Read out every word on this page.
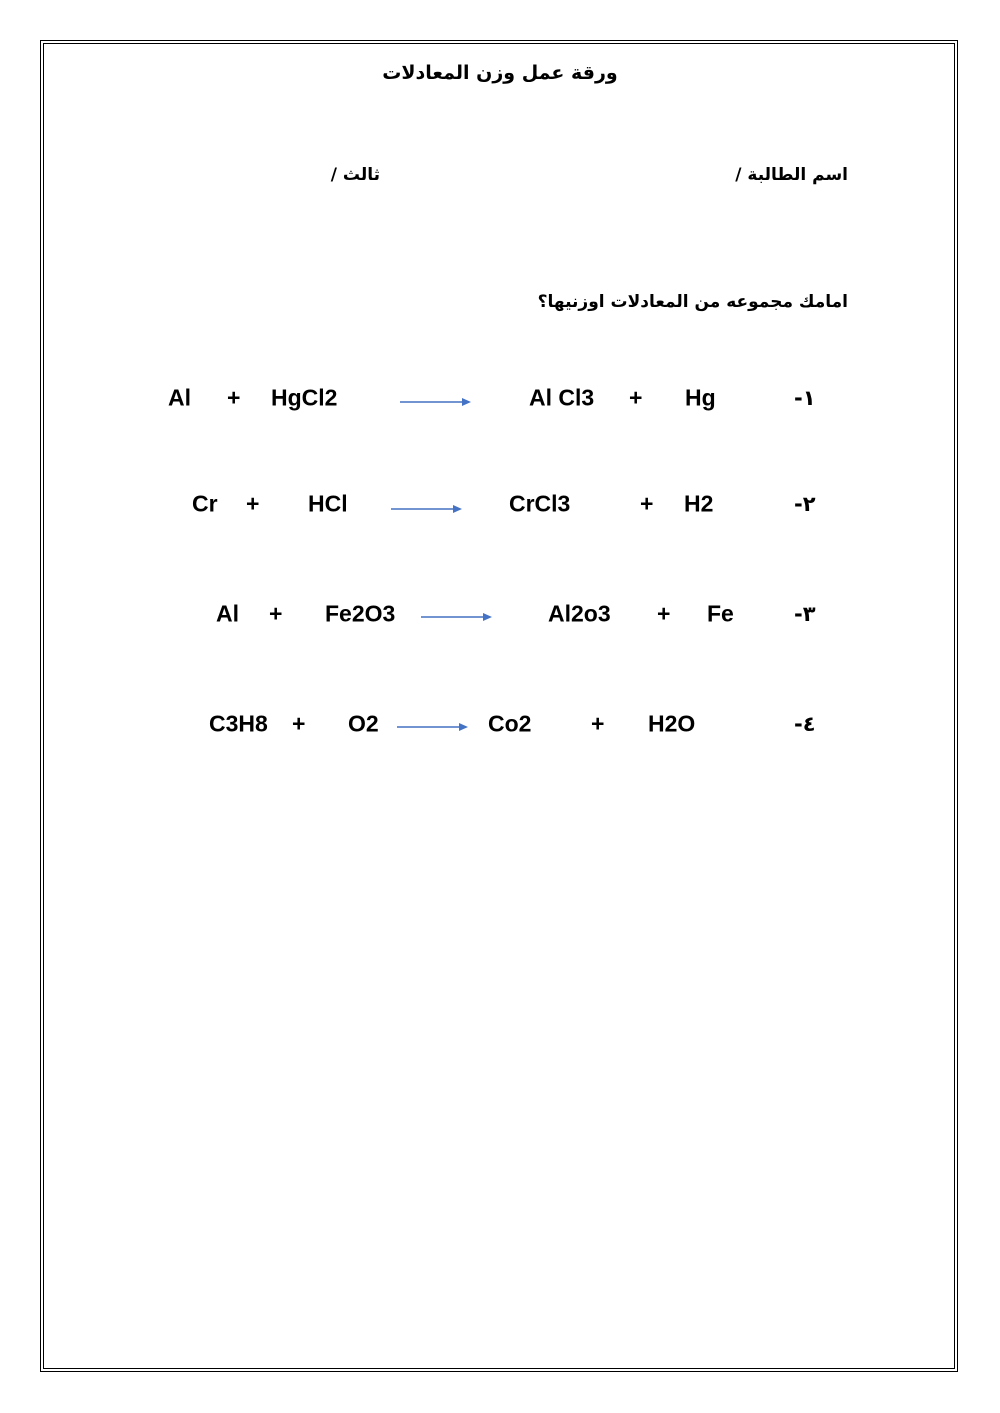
ورقة عمل وزن المعادلات
اسم الطالبة /
ثالث /
امامك مجموعه من المعادلات اوزنيها؟
Al + HgCl2	Al Cl3 + Hg	-١
Cr + HCl	CrCl3	+ H2	-٢
Al + Fe2O3	Al2o3 + Fe	-٣
C3H8 + O2	Co2	+ H2O	-٤
